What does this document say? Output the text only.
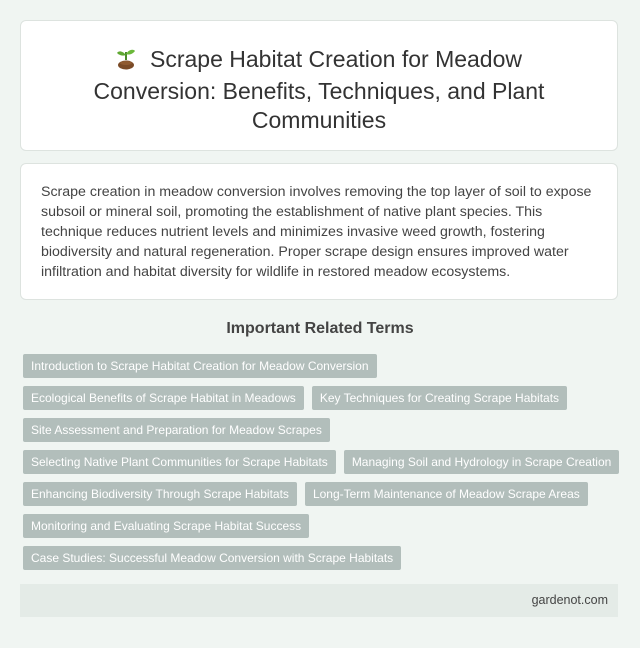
Scrape Habitat Creation for Meadow Conversion: Benefits, Techniques, and Plant Communities

Scrape creation in meadow conversion involves removing the top layer of soil to expose subsoil or mineral soil, promoting the establishment of native plant species. This technique reduces nutrient levels and minimizes invasive weed growth, fostering biodiversity and natural regeneration. Proper scrape design ensures improved water infiltration and habitat diversity for wildlife in restored meadow ecosystems.

Important Related Terms
Introduction to Scrape Habitat Creation for Meadow Conversion
Ecological Benefits of Scrape Habitat in Meadows	Key Techniques for Creating Scrape Habitats
Site Assessment and Preparation for Meadow Scrapes
Selecting Native Plant Communities for Scrape Habitats	Managing Soil and Hydrology in Scrape Creation
Enhancing Biodiversity Through Scrape Habitats	Long-Term Maintenance of Meadow Scrape Areas
Monitoring and Evaluating Scrape Habitat Success
Case Studies: Successful Meadow Conversion with Scrape Habitats
gardenot.com
